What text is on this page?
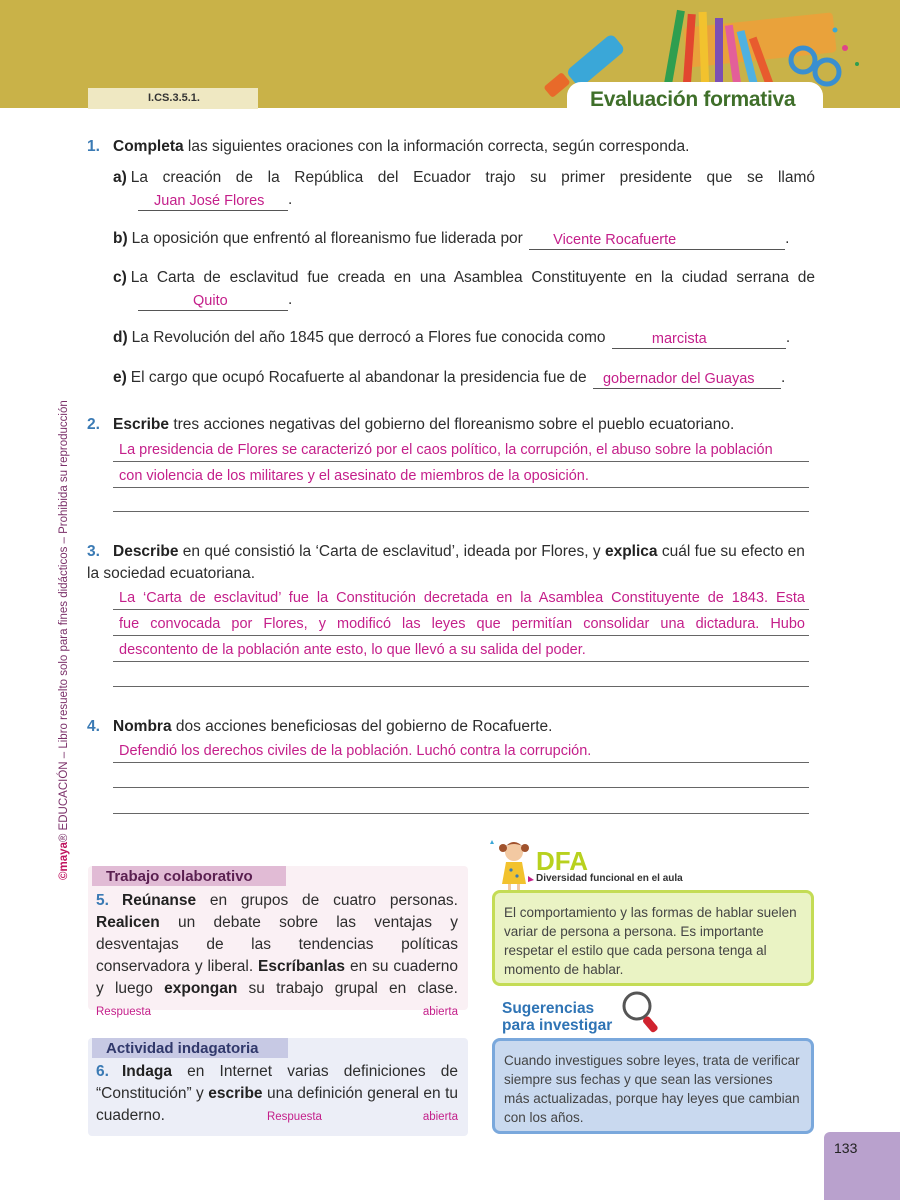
I.CS.3.5.1.	Evaluación formativa
©maya® EDUCACIÓN – Libro resuelto solo para fines didácticos – Prohibida su reproducción
1. Completa las siguientes oraciones con la información correcta, según corresponda.
a) La creación de la República del Ecuador trajo su primer presidente que se llamó
Juan José Flores .
b) La oposición que enfrentó al floreanismo fue liderada por Vicente Rocafuerte	.
c) La Carta de esclavitud fue creada en una Asamblea Constituyente en la ciudad serrana de
Quito	.
d) La Revolución del año 1845 que derrocó a Flores fue conocida como	marcista	.
e) El cargo que ocupó Rocafuerte al abandonar la presidencia fue de gobernador del Guayas .
2. Escribe tres acciones negativas del gobierno del floreanismo sobre el pueblo ecuatoriano.
La presidencia de Flores se caracterizó por el caos político, la corrupción, el abuso sobre la población
con violencia de los militares y el asesinato de miembros de la oposición.
3. Describe en qué consistió la ‘Carta de esclavitud’, ideada por Flores, y explica cuál fue su efecto en la sociedad ecuatoriana.
La ‘Carta de esclavitud’ fue la Constitución decretada en la Asamblea Constituyente de 1843. Esta
fue convocada por Flores, y modificó las leyes que permitían consolidar una dictadura. Hubo
descontento de la población ante esto, lo que llevó a su salida del poder.
4. Nombra dos acciones beneficiosas del gobierno de Rocafuerte.
Defendió los derechos civiles de la población. Luchó contra la corrupción.
Trabajo colaborativo
5. Reúnanse en grupos de cuatro personas. Realicen un debate sobre las ventajas y desventajas de las tendencias políticas conservadora y liberal. Escríbanlas en su cuaderno y luego expongan su trabajo grupal en clase. Respuesta abierta
Actividad indagatoria
6. Indaga en Internet varias definiciones de “Constitución” y escribe una definición general en tu cuaderno. Respuesta abierta
DFA
Diversidad funcional en el aula
El comportamiento y las formas de hablar suelen variar de persona a persona. Es importante respetar el estilo que cada persona tenga al momento de hablar.
Sugerencias
para investigar
Cuando investigues sobre leyes, trata de verificar siempre sus fechas y que sean las versiones más actualizadas, porque hay leyes que cambian con los años.
133
